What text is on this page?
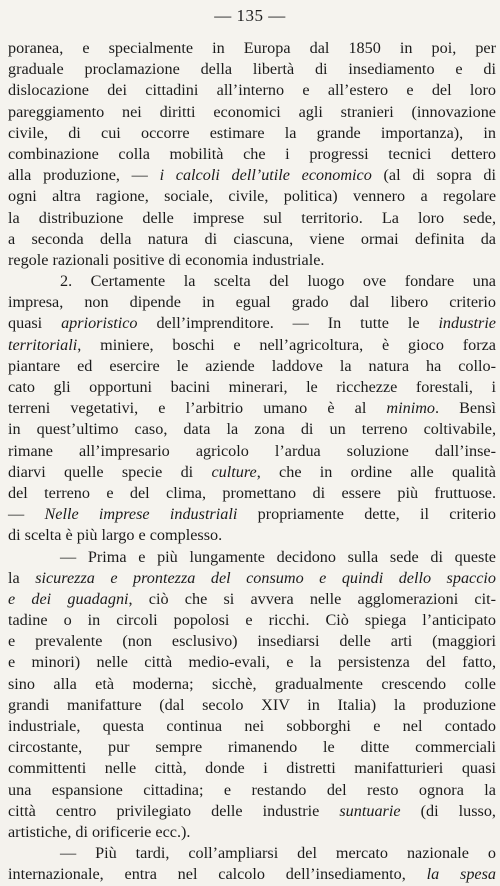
— 135 —
poranea, e specialmente in Europa dal 1850 in poi, per
graduale proclamazione della libertà di insediamento e di
dislocazione dei cittadini all’interno e all’estero e del loro
pareggiamento nei diritti economici agli stranieri (innovazione
civile, di cui occorre estimare la grande importanza), in
combinazione colla mobilità che i progressi tecnici dettero
alla produzione, — i calcoli dell’utile economico (al di sopra di
ogni altra ragione, sociale, civile, politica) vennero a regolare
la distribuzione delle imprese sul territorio. La loro sede,
a seconda della natura di ciascuna, viene ormai definita da
regole razionali positive di economia industriale.
2. Certamente la scelta del luogo ove fondare una
impresa, non dipende in egual grado dal libero criterio
quasi aprioristico dell’imprenditore. — In tutte le industrie
territoriali, miniere, boschi e nell’agricoltura, è gioco forza
piantare ed esercire le aziende laddove la natura ha collo-
cato gli opportuni bacini minerari, le ricchezze forestali, i
terreni vegetativi, e l’arbitrio umano è al minimo. Bensì
in quest’ultimo caso, data la zona di un terreno coltivabile,
rimane all’impresario agricolo l’ardua soluzione dall’inse-
diarvi quelle specie di culture, che in ordine alle qualità
del terreno e del clima, promettano di essere più fruttuose.
— Nelle imprese industriali propriamente dette, il criterio
di scelta è più largo e complesso.
— Prima e più lungamente decidono sulla sede di queste
la sicurezza e prontezza del consumo e quindi dello spaccio
e dei guadagni, ciò che si avvera nelle agglomerazioni cit-
tadine o in circoli popolosi e ricchi. Ciò spiega l’anticipato
e prevalente (non esclusivo) insediarsi delle arti (maggiori
e minori) nelle città medio-evali, e la persistenza del fatto,
sino alla età moderna; sicchè, gradualmente crescendo colle
grandi manifatture (dal secolo XIV in Italia) la produzione
industriale, questa continua nei sobborghi e nel contado
circostante, pur sempre rimanendo le ditte commerciali
committenti nelle città, donde i distretti manifatturieri quasi
una espansione cittadina; e restando del resto ognora la
città centro privilegiato delle industrie suntuarie (di lusso,
artistiche, di orificerie ecc.).
— Più tardi, coll’ampliarsi del mercato nazionale o
internazionale, entra nel calcolo dell’insediamento, la spesa
